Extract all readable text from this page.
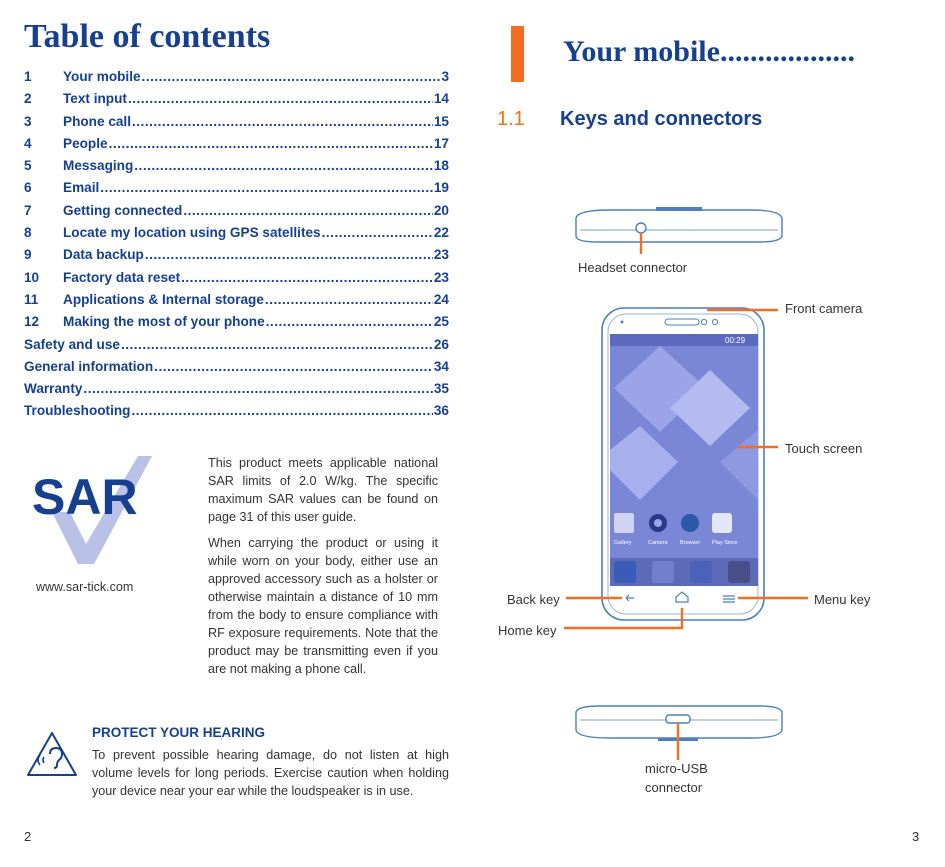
Table of contents
1	Your mobile .....	3
2	Text input .....	14
3	Phone call .....	15
4	People .....	17
5	Messaging .....	18
6	Email .....	19
7	Getting connected .....	20
8	Locate my location using GPS satellites .....	22
9	Data backup .....	23
10	Factory data reset .....	23
11	Applications & Internal storage .....	24
12	Making the most of your phone .....	25
Safety and use .....	26
General information .....	34
Warranty .....	35
Troubleshooting .....	36
SAR
www.sar-tick.com

This product meets applicable national SAR limits of 2.0 W/kg. The specific maximum SAR values can be found on page 31 of this user guide.

When carrying the product or using it while worn on your body, either use an approved accessory such as a holster or otherwise maintain a distance of 10 mm from the body to ensure compliance with RF exposure requirements. Note that the product may be transmitting even if you are not making a phone call.

PROTECT YOUR HEARING
To prevent possible hearing damage, do not listen at high volume levels for long periods. Exercise caution when holding your device near your ear while the loudspeaker is in use.
2
Your mobile..................
1.1 Keys and connectors
00:29
Gallery	Camera Browser Play Store
Headset connector
Front camera
Touch screen
Back key	Menu key
Home key
micro-USB
connector
3
